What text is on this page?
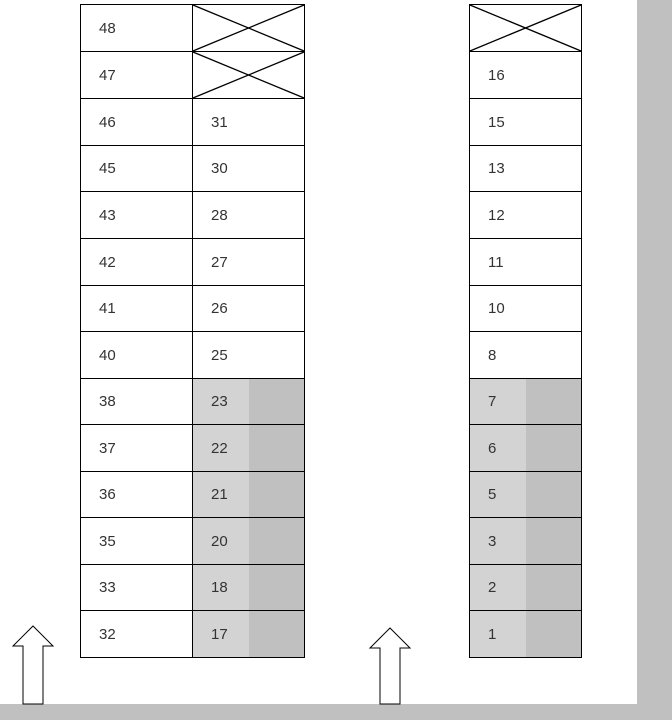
48
47
46
45
43
42
41
40
38
37
36
35
33
32
31
30
28
27
26
25
23
22
21
20
18
17
16
15
13
12
11
10
8
7
6
5
3
2
1
